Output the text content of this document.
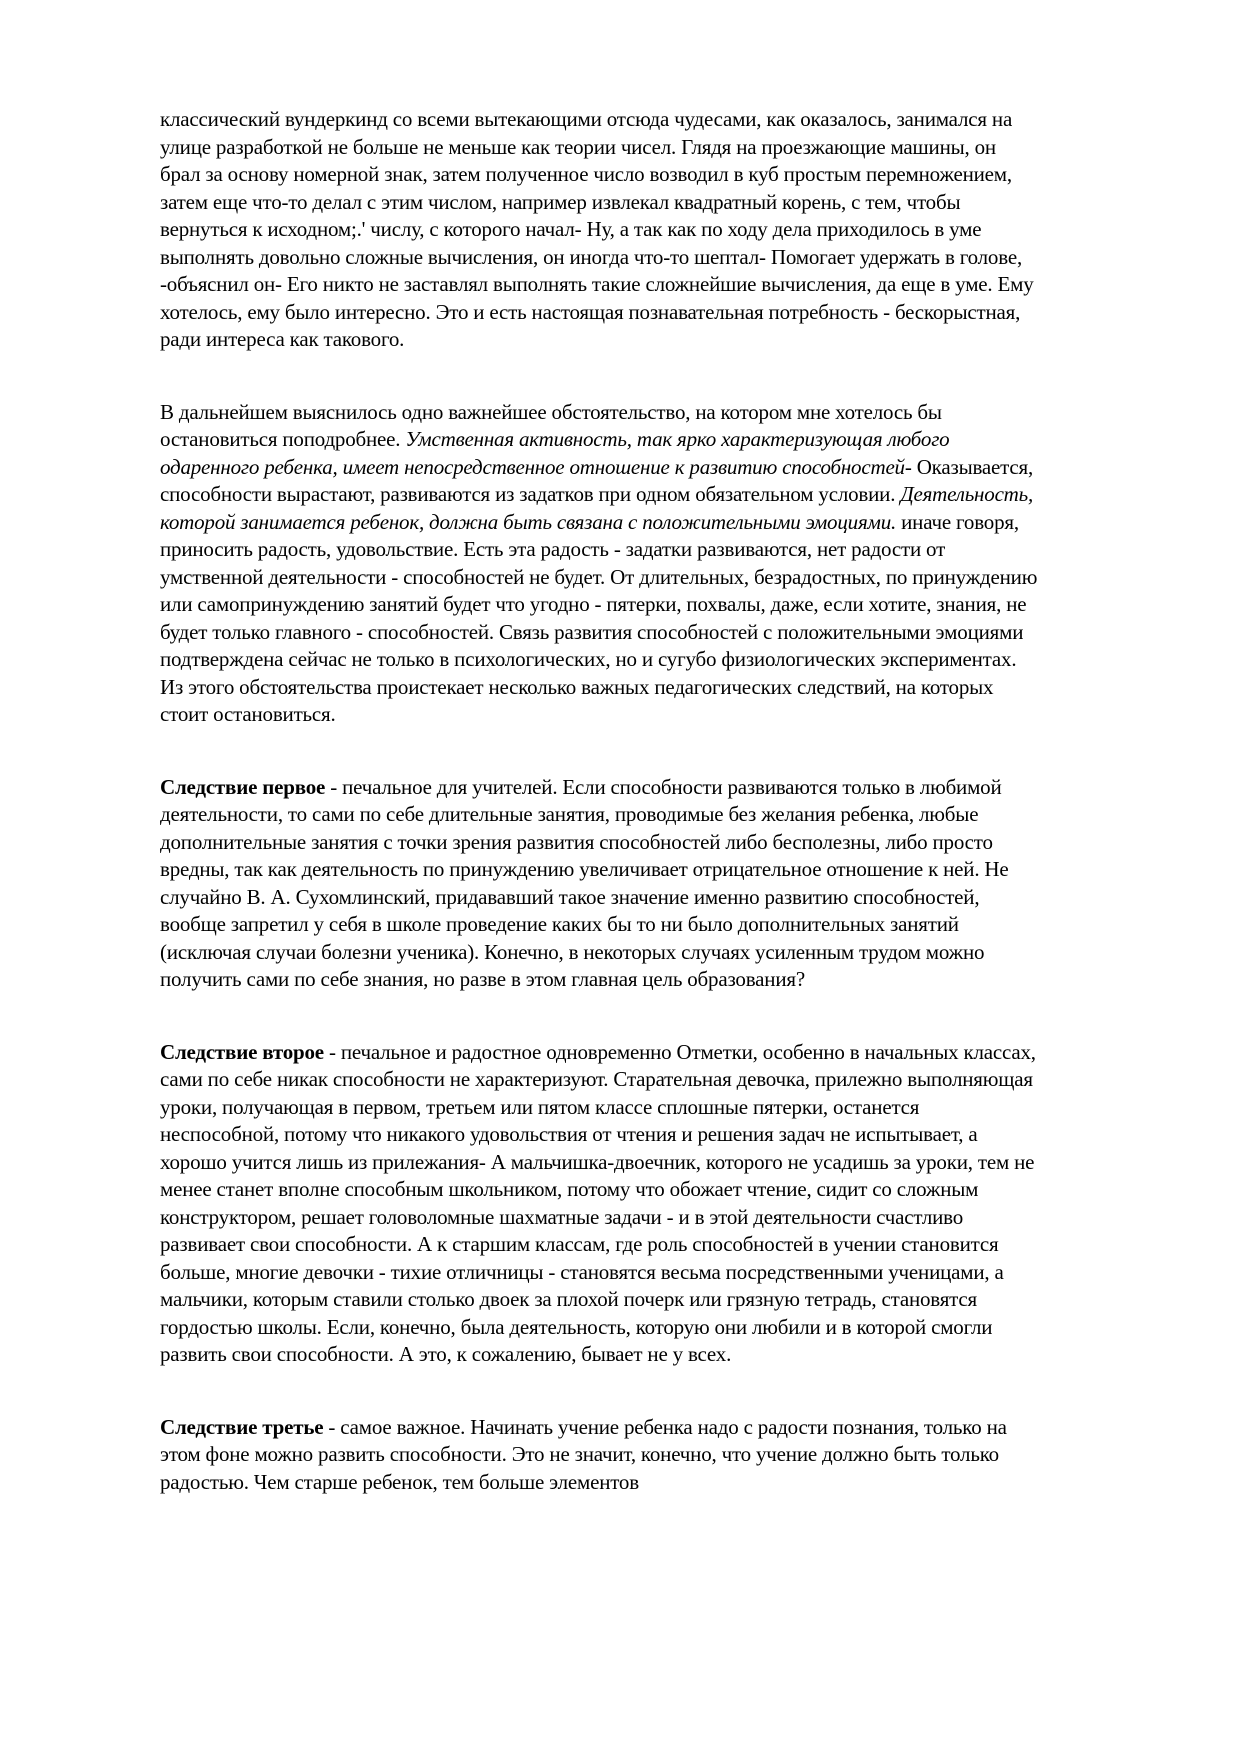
классический вундеркинд со всеми вытекающими отсюда чудесами, как оказалось, занимался на улице разработкой не больше не меньше как теории чисел. Глядя на проезжающие машины, он брал за основу номерной знак, затем полученное число возводил в куб простым перемножением, затем еще что-то делал с этим числом, например извлекал квадратный корень, с тем, чтобы вернуться к исходном;.' числу, с которого начал- Ну, а так как по ходу дела приходилось в уме выполнять довольно сложные вычисления, он иногда что-то шептал- Помогает удержать в голове, -объяснил он- Его никто не заставлял выполнять такие сложнейшие вычисления, да еще в уме. Ему хотелось, ему было интересно. Это и есть настоящая познавательная потребность - бескорыстная, ради интереса как такового.

В дальнейшем выяснилось одно важнейшее обстоятельство, на котором мне хотелось бы остановиться поподробнее. Умственная активность, так ярко характеризующая любого одаренного ребенка, имеет непосредственное отношение к развитию способностей- Оказывается, способности вырастают, развиваются из задатков при одном обязательном условии. Деятельность, которой занимается ребенок, должна быть связана с положительными эмоциями. иначе говоря, приносить радость, удовольствие. Есть эта радость - задатки развиваются, нет радости от умственной деятельности - способностей не будет. От длительных, безрадостных, по принуждению или самопринуждению занятий будет что угодно - пятерки, похвалы, даже, если хотите, знания, не будет только главного - способностей. Связь развития способностей с положительными эмоциями подтверждена сейчас не только в психологических, но и сугубо физиологических экспериментах. Из этого обстоятельства проистекает несколько важных педагогических следствий, на которых стоит остановиться.

Следствие первое - печальное для учителей. Если способности развиваются только в любимой деятельности, то сами по себе длительные занятия, проводимые без желания ребенка, любые дополнительные занятия с точки зрения развития способностей либо бесполезны, либо просто вредны, так как деятельность по принуждению увеличивает отрицательное отношение к ней. Не случайно В. А. Сухомлинский, придававший такое значение именно развитию способностей, вообще запретил у себя в школе проведение каких бы то ни было дополнительных занятий (исключая случаи болезни ученика). Конечно, в некоторых случаях усиленным трудом можно получить сами по себе знания, но разве в этом главная цель образования?

Следствие второе - печальное и радостное одновременно Отметки, особенно в начальных классах, сами по себе никак способности не характеризуют. Старательная девочка, прилежно выполняющая уроки, получающая в первом, третьем или пятом классе сплошные пятерки, останется неспособной, потому что никакого удовольствия от чтения и решения задач не испытывает, а хорошо учится лишь из прилежания- А мальчишка-двоечник, которого не усадишь за уроки, тем не менее станет вполне способным школьником, потому что обожает чтение, сидит со сложным конструктором, решает головоломные шахматные задачи - и в этой деятельности счастливо развивает свои способности. А к старшим классам, где роль способностей в учении становится больше, многие девочки - тихие отличницы - становятся весьма посредственными ученицами, а мальчики, которым ставили столько двоек за плохой почерк или грязную тетрадь, становятся гордостью школы. Если, конечно, была деятельность, которую они любили и в которой смогли развить свои способности. А это, к сожалению, бывает не у всех.

Следствие третье - самое важное. Начинать учение ребенка надо с радости познания, только на этом фоне можно развить способности. Это не значит, конечно, что учение должно быть только радостью. Чем старше ребенок, тем больше элементов
